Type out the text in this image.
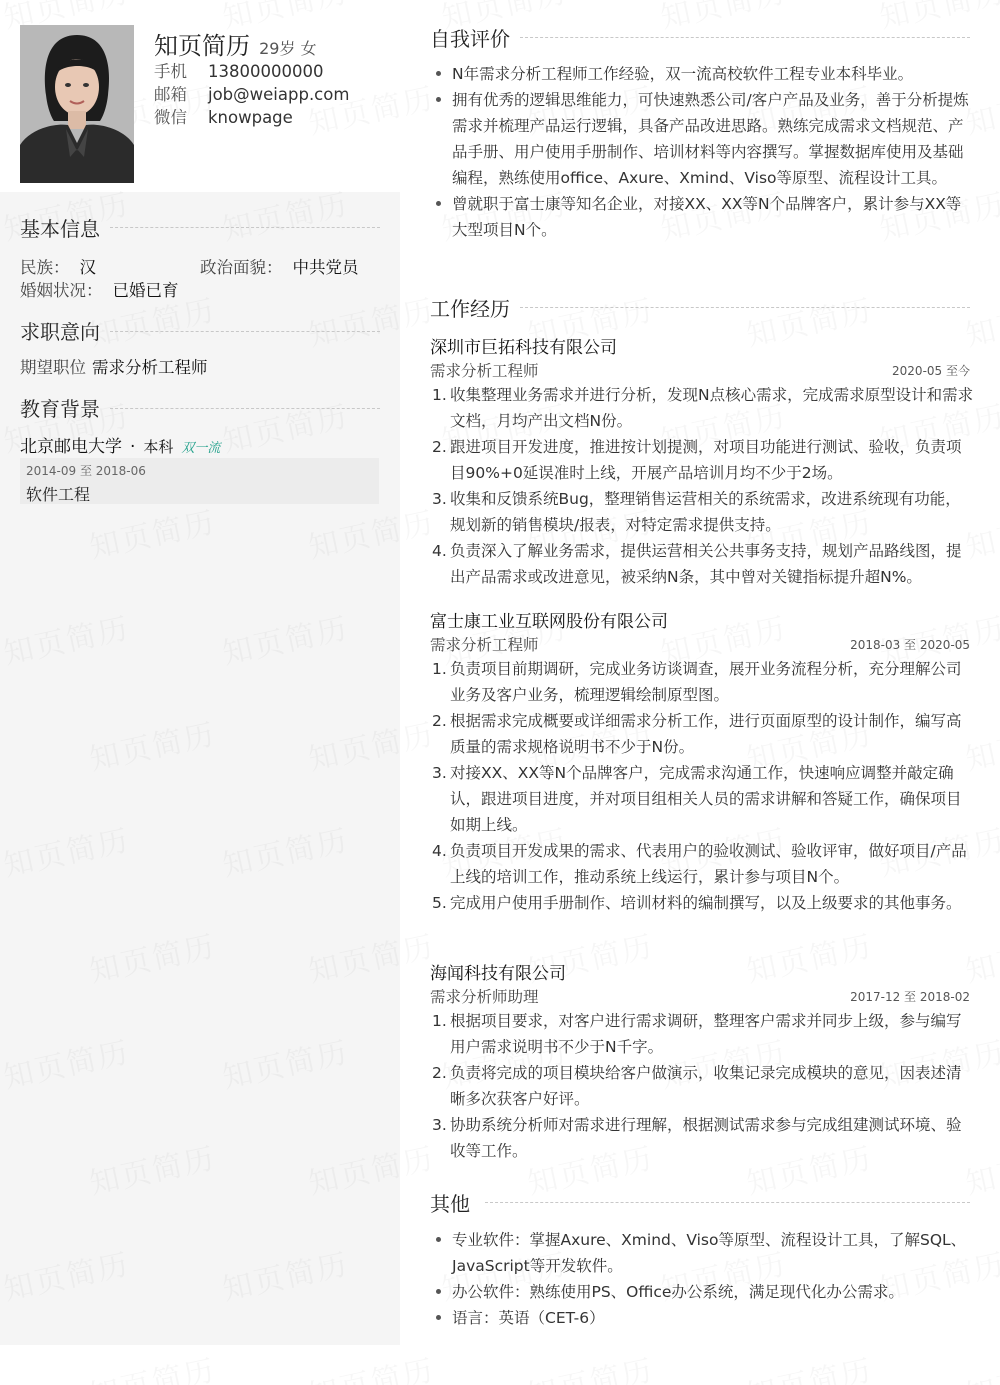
知页简历 29岁 女
手机 13800000000
邮箱 job@weiapp.com
微信 knowpage
基本信息
民族： 汉	政治面貌： 中共党员
婚姻状况： 已婚已育
求职意向
期望职位 需求分析工程师
教育背景
北京邮电大学 · 本科 双一流
2014-09 至 2018-06
软件工程
自我评价
N年需求分析工程师工作经验，双一流高校软件工程专业本科毕业。
拥有优秀的逻辑思维能力，可快速熟悉公司/客户产品及业务，善于分析提炼需求并梳理产品运行逻辑，具备产品改进思路。熟练完成需求文档规范、产品手册、用户使用手册制作、培训材料等内容撰写。掌握数据库使用及基础编程，熟练使用office、Axure、Xmind、Viso等原型、流程设计工具。
曾就职于富士康等知名企业，对接XX、XX等N个品牌客户，累计参与XX等大型项目N个。
工作经历
深圳市巨拓科技有限公司
需求分析工程师	2020-05 至今
1. 收集整理业务需求并进行分析，发现N点核心需求，完成需求原型设计和需求文档，月均产出文档N份。
2. 跟进项目开发进度，推进按计划提测，对项目功能进行测试、验收，负责项目90%+0延误准时上线，开展产品培训月均不少于2场。
3. 收集和反馈系统Bug，整理销售运营相关的系统需求，改进系统现有功能，规划新的销售模块/报表，对特定需求提供支持。
4. 负责深入了解业务需求，提供运营相关公共事务支持，规划产品路线图，提出产品需求或改进意见，被采纳N条，其中曾对关键指标提升超N%。
富士康工业互联网股份有限公司
需求分析工程师	2018-03 至 2020-05
1. 负责项目前期调研，完成业务访谈调查，展开业务流程分析，充分理解公司业务及客户业务，梳理逻辑绘制原型图。
2. 根据需求完成概要或详细需求分析工作，进行页面原型的设计制作，编写高质量的需求规格说明书不少于N份。
3. 对接XX、XX等N个品牌客户，完成需求沟通工作，快速响应调整并敲定确认，跟进项目进度，并对项目组相关人员的需求讲解和答疑工作，确保项目如期上线。
4. 负责项目开发成果的需求、代表用户的验收测试、验收评审，做好项目/产品上线的培训工作，推动系统上线运行，累计参与项目N个。
5. 完成用户使用手册制作、培训材料的编制撰写，以及上级要求的其他事务。
海闻科技有限公司
需求分析师助理	2017-12 至 2018-02
1. 根据项目要求，对客户进行需求调研，整理客户需求并同步上级，参与编写用户需求说明书不少于N千字。
2. 负责将完成的项目模块给客户做演示，收集记录完成模块的意见，因表述清晰多次获客户好评。
3. 协助系统分析师对需求进行理解，根据测试需求参与完成组建测试环境、验收等工作。
其他
专业软件：掌握Axure、Xmind、Viso等原型、流程设计工具，了解SQL、JavaScript等开发软件。
办公软件：熟练使用PS、Office办公系统，满足现代化办公需求。
语言：英语（CET-6）
